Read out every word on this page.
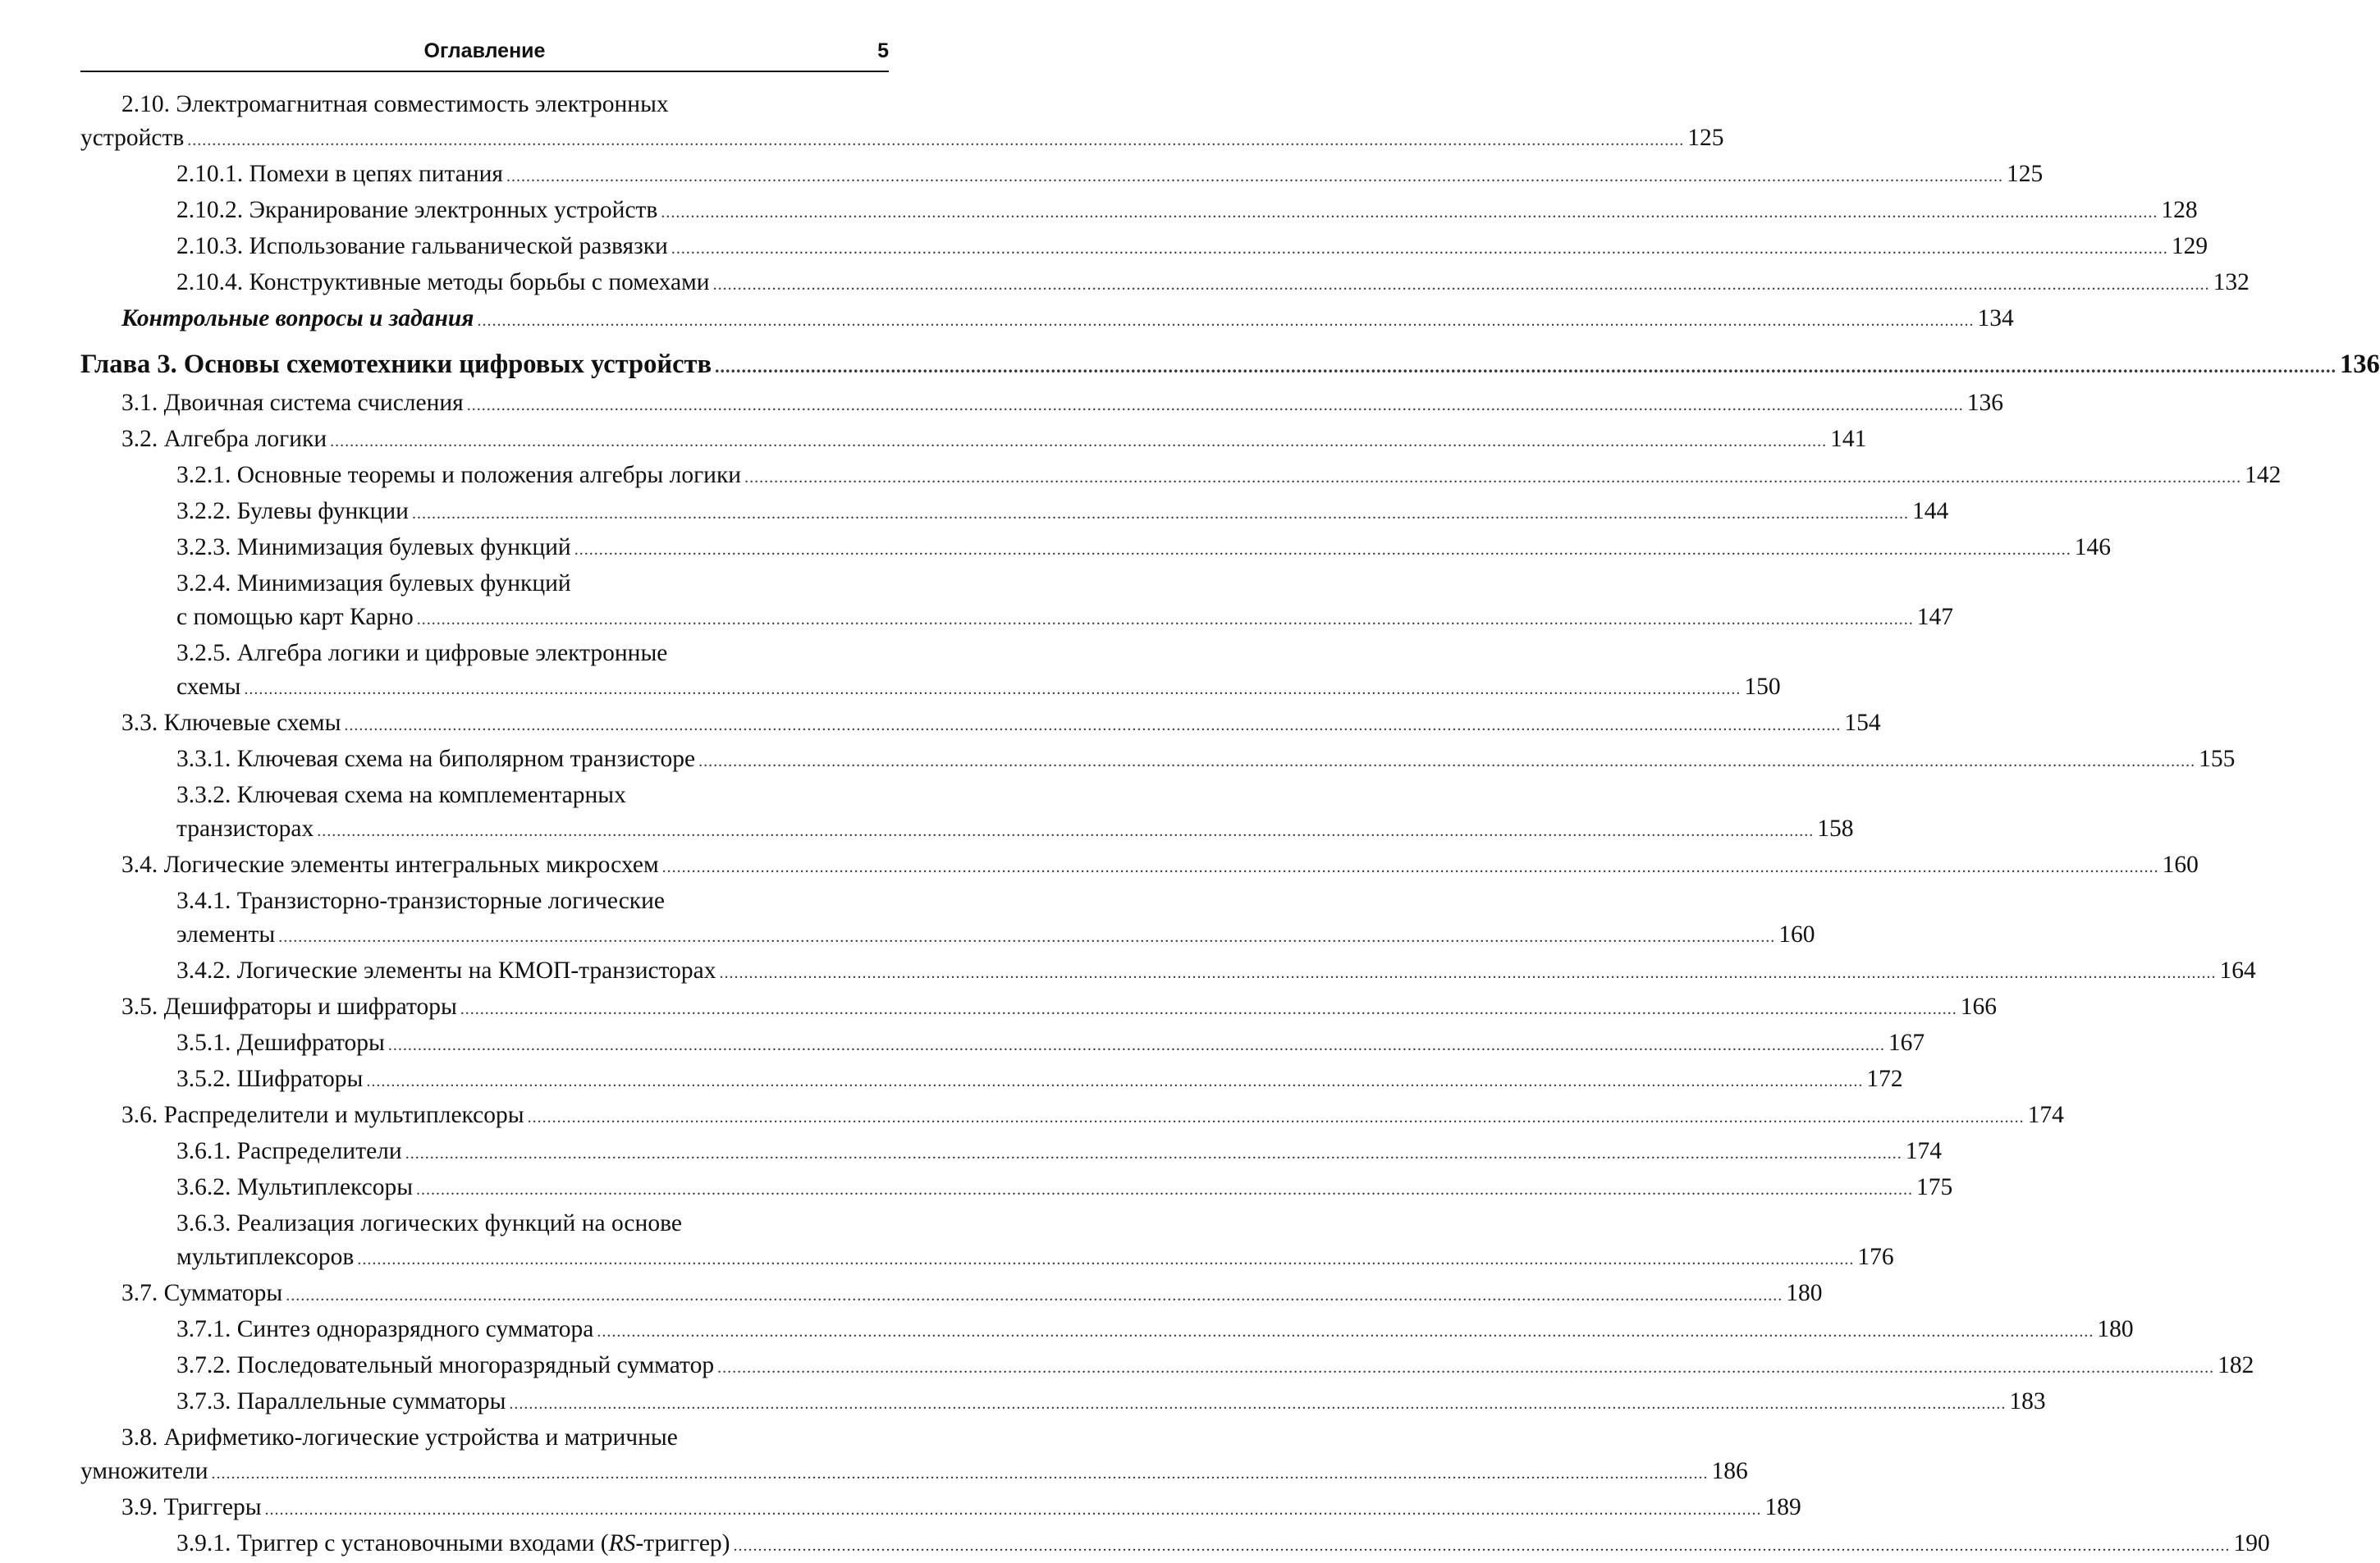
Оглавление	5
2.10. Электромагнитная совместимость электронных
устройств .....	125
2.10.1. Помехи в цепях питания .....	125
2.10.2. Экранирование электронных устройств .....	128
2.10.3. Использование гальванической развязки .....	129
2.10.4. Конструктивные методы борьбы с помехами .....	132
Контрольные вопросы и задания .....	134
Глава 3. Основы схемотехники цифровых устройств .....	136
3.1. Двоичная система счисления .....	136
3.2. Алгебра логики .....	141
3.2.1. Основные теоремы и положения алгебры логики .....	142
3.2.2. Булевы функции .....	144
3.2.3. Минимизация булевых функций .....	146
3.2.4. Минимизация булевых функций
с помощью карт Карно .....	147
3.2.5. Алгебра логики и цифровые электронные
схемы .....	150
3.3. Ключевые схемы .....	154
3.3.1. Ключевая схема на биполярном транзисторе .....	155
3.3.2. Ключевая схема на комплементарных
транзисторах .....	158
3.4. Логические элементы интегральных микросхем .....	160
3.4.1. Транзисторно-транзисторные логические
элементы .....	160
3.4.2. Логические элементы на КМОП-транзисторах .....	164
3.5. Дешифраторы и шифраторы .....	166
3.5.1. Дешифраторы .....	167
3.5.2. Шифраторы .....	172
3.6. Распределители и мультиплексоры .....	174
3.6.1. Распределители .....	174
3.6.2. Мультиплексоры .....	175
3.6.3. Реализация логических функций на основе
мультиплексоров .....	176
3.7. Сумматоры .....	180
3.7.1. Синтез одноразрядного сумматора .....	180
3.7.2. Последовательный многоразрядный сумматор .....	182
3.7.3. Параллельные сумматоры .....	183
3.8. Арифметико-логические устройства и матричные
умножители .....	186
3.9. Триггеры .....	189
3.9.1. Триггер с установочными входами (RS-триггер) .....	190
